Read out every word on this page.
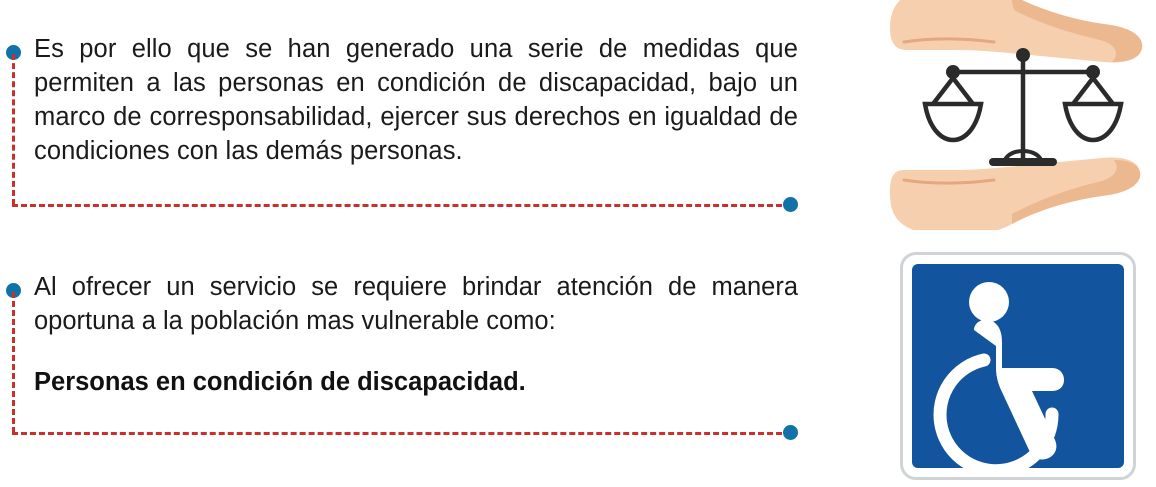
Es por ello que se han generado una serie de medidas que permiten a las personas en condición de discapacidad, bajo un marco de corresponsabilidad, ejercer sus derechos en igualdad de condiciones con las demás personas.
Al ofrecer un servicio se requiere brindar atención de manera oportuna a la población mas vulnerable como:
Personas en condición de discapacidad.
